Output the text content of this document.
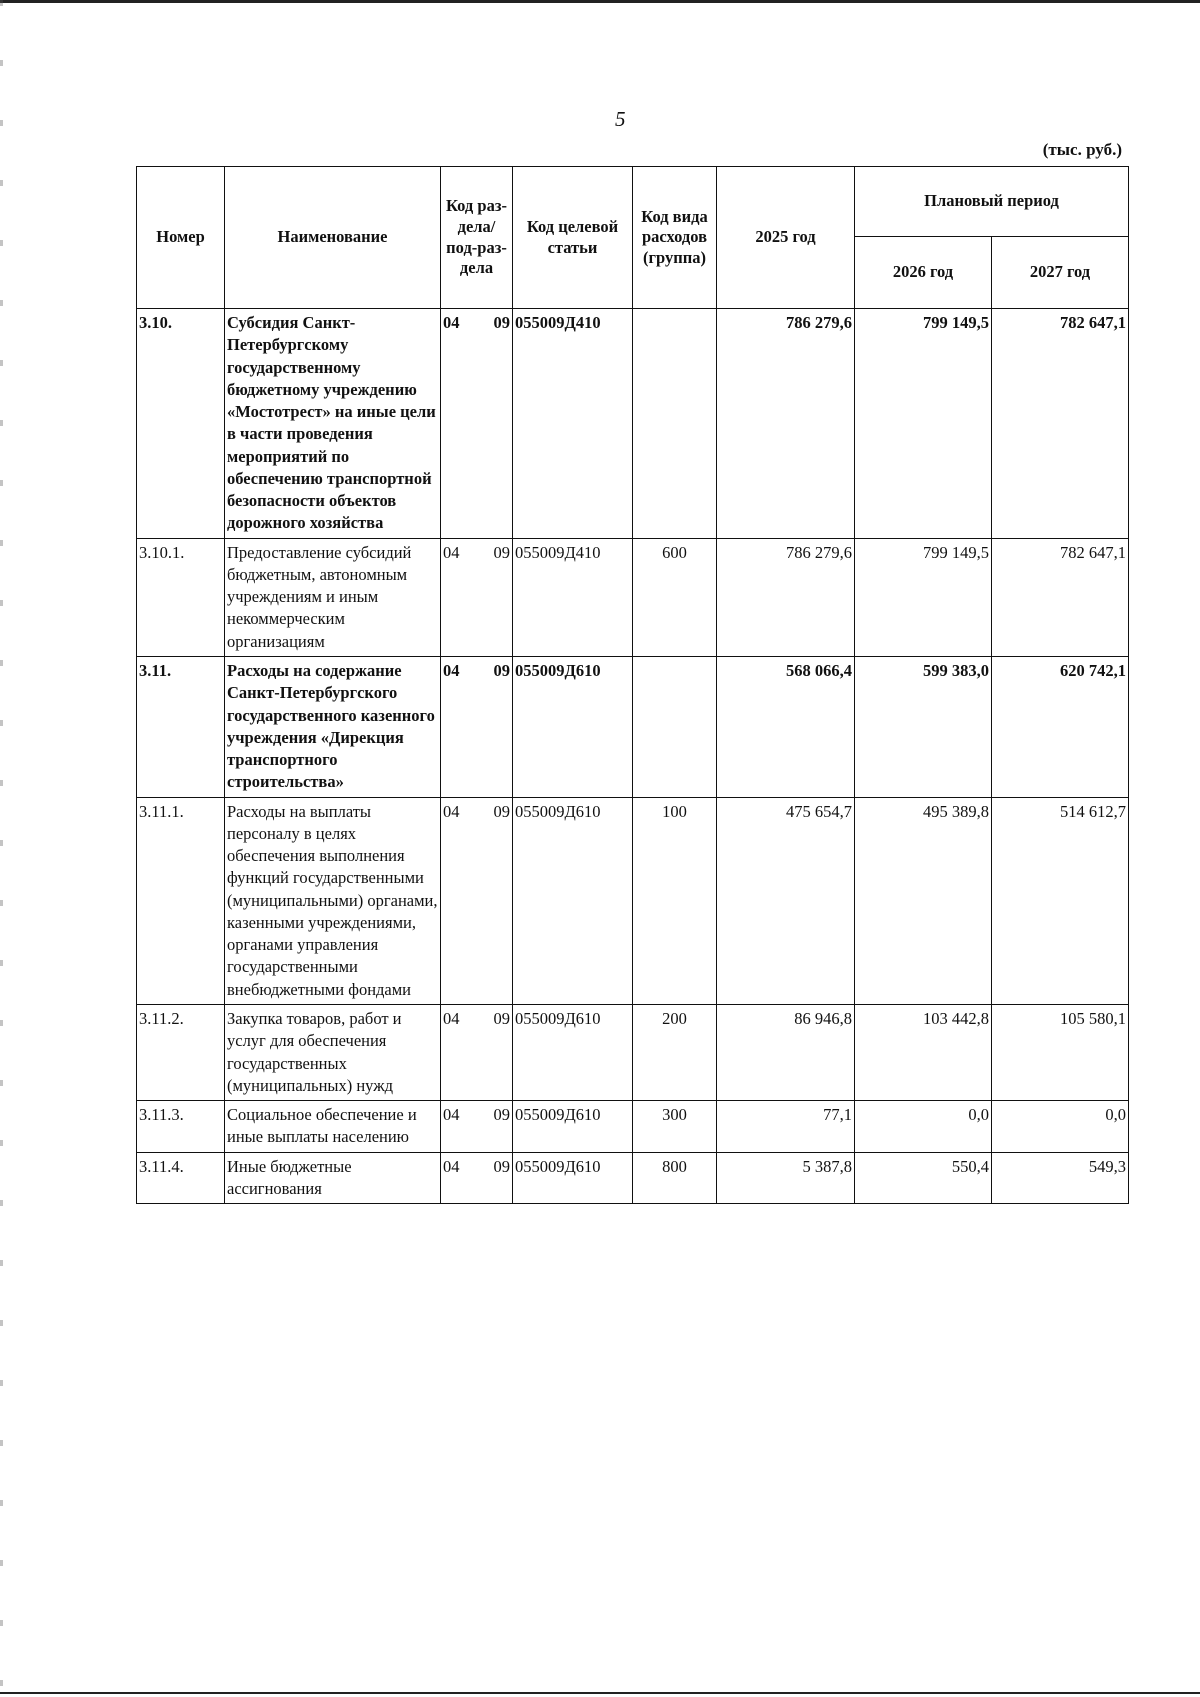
5
(тыс. руб.)
Номер	Наименование	Код раз-дела/ под-раз-дела	Код целевой статьи	Код вида расходов (группа)	2025 год	Плановый период	
						2026 год	2027 год
3.10.	Субсидия Санкт-Петербургскому государственному бюджетному учреждению «Мостотрест» на иные цели в части проведения мероприятий по обеспечению транспортной безопасности объектов дорожного хозяйства	04 09	055009Д410		786 279,6	799 149,5	782 647,1
3.10.1.	Предоставление субсидий бюджетным, автономным учреждениям и иным некоммерческим организациям	04 09	055009Д410	600	786 279,6	799 149,5	782 647,1
3.11.	Расходы на содержание Санкт-Петербургского государственного казенного учреждения «Дирекция транспортного строительства»	04 09	055009Д610		568 066,4	599 383,0	620 742,1
3.11.1.	Расходы на выплаты персоналу в целях обеспечения выполнения функций государственными (муниципальными) органами, казенными учреждениями, органами управления государственными внебюджетными фондами	04 09	055009Д610	100	475 654,7	495 389,8	514 612,7
3.11.2.	Закупка товаров, работ и услуг для обеспечения государственных (муниципальных) нужд	04 09	055009Д610	200	86 946,8	103 442,8	105 580,1
3.11.3.	Социальное обеспечение и иные выплаты населению	04 09	055009Д610	300	77,1	0,0	0,0
3.11.4.	Иные бюджетные ассигнования	04 09	055009Д610	800	5 387,8	550,4	549,3
